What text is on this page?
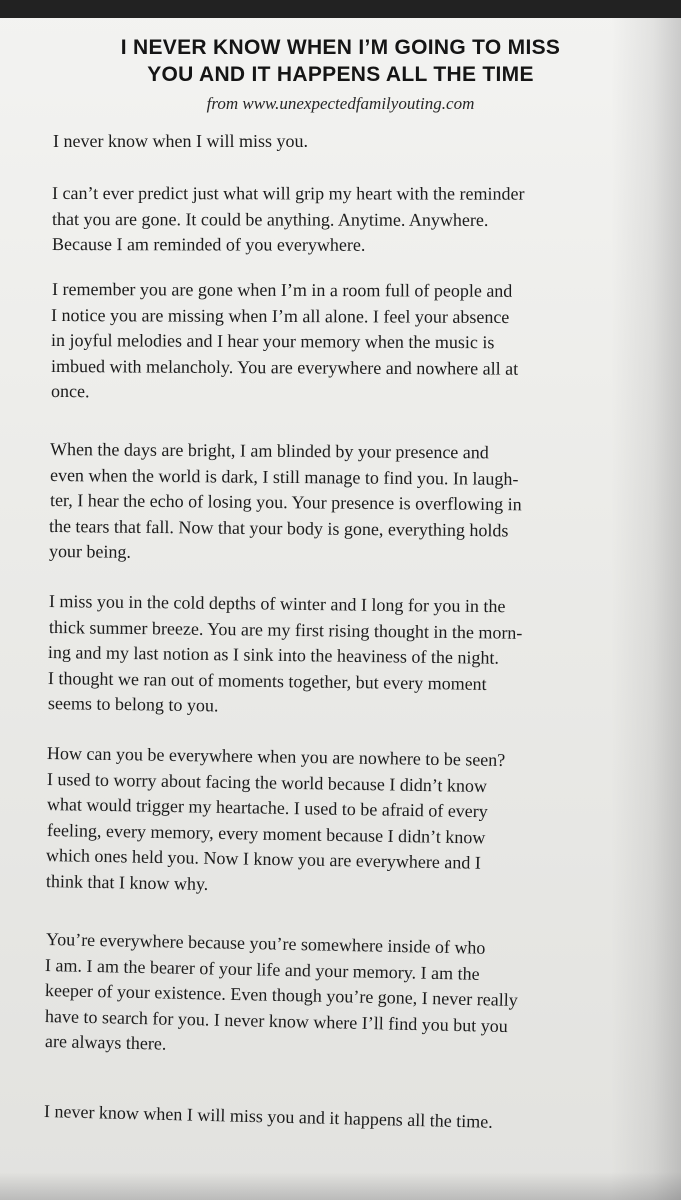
I NEVER KNOW WHEN I’M GOING TO MISS
YOU AND IT HAPPENS ALL THE TIME
from www.unexpectedfamilyouting.com
I never know when I will miss you.
I can’t ever predict just what will grip my heart with the reminder
that you are gone. It could be anything. Anytime. Anywhere.
Because I am reminded of you everywhere.
I remember you are gone when I’m in a room full of people and
I notice you are missing when I’m all alone. I feel your absence
in joyful melodies and I hear your memory when the music is
imbued with melancholy. You are everywhere and nowhere all at
once.
When the days are bright, I am blinded by your presence and
even when the world is dark, I still manage to find you. In laugh-
ter, I hear the echo of losing you. Your presence is overflowing in
the tears that fall. Now that your body is gone, everything holds
your being.
I miss you in the cold depths of winter and I long for you in the
thick summer breeze. You are my first rising thought in the morn-
ing and my last notion as I sink into the heaviness of the night.
I thought we ran out of moments together, but every moment
seems to belong to you.
How can you be everywhere when you are nowhere to be seen?
I used to worry about facing the world because I didn’t know
what would trigger my heartache. I used to be afraid of every
feeling, every memory, every moment because I didn’t know
which ones held you. Now I know you are everywhere and I
think that I know why.
You’re everywhere because you’re somewhere inside of who
I am. I am the bearer of your life and your memory. I am the
keeper of your existence. Even though you’re gone, I never really
have to search for you. I never know where I’ll find you but you
are always there.
I never know when I will miss you and it happens all the time.
